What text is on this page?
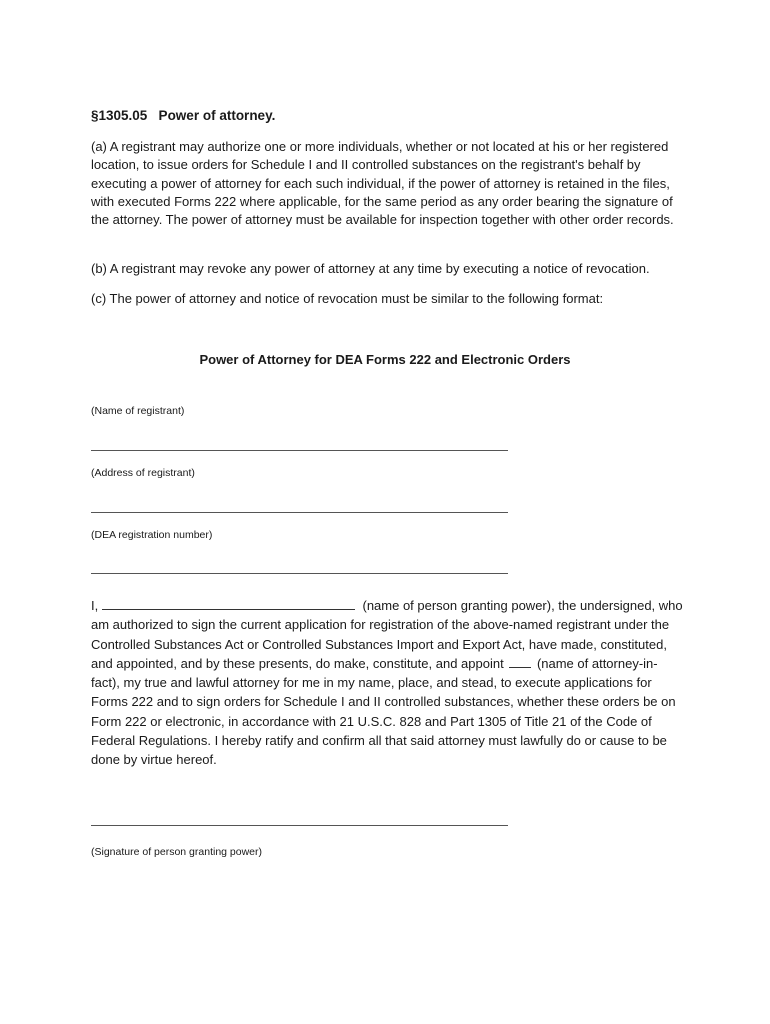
§1305.05   Power of attorney.

(a) A registrant may authorize one or more individuals, whether or not located at his or her registered location, to issue orders for Schedule I and II controlled substances on the registrant's behalf by executing a power of attorney for each such individual, if the power of attorney is retained in the files, with executed Forms 222 where applicable, for the same period as any order bearing the signature of the attorney. The power of attorney must be available for inspection together with other order records.

(b) A registrant may revoke any power of attorney at any time by executing a notice of revocation.

(c) The power of attorney and notice of revocation must be similar to the following format:

Power of Attorney for DEA Forms 222 and Electronic Orders
(Name of registrant)
(Address of registrant)
(DEA registration number)

I,	(name of person granting power), the undersigned, who am authorized to sign the current application for registration of the above-named registrant under the Controlled Substances Act or Controlled Substances Import and Export Act, have made, constituted, and appointed, and by these presents, do make, constitute, and appoint	(name of attorney-in-fact), my true and lawful attorney for me in my name, place, and stead, to execute applications for Forms 222 and to sign orders for Schedule I and II controlled substances, whether these orders be on Form 222 or electronic, in accordance with 21 U.S.C. 828 and Part 1305 of Title 21 of the Code of Federal Regulations. I hereby ratify and confirm all that said attorney must lawfully do or cause to be done by virtue hereof.

(Signature of person granting power)
